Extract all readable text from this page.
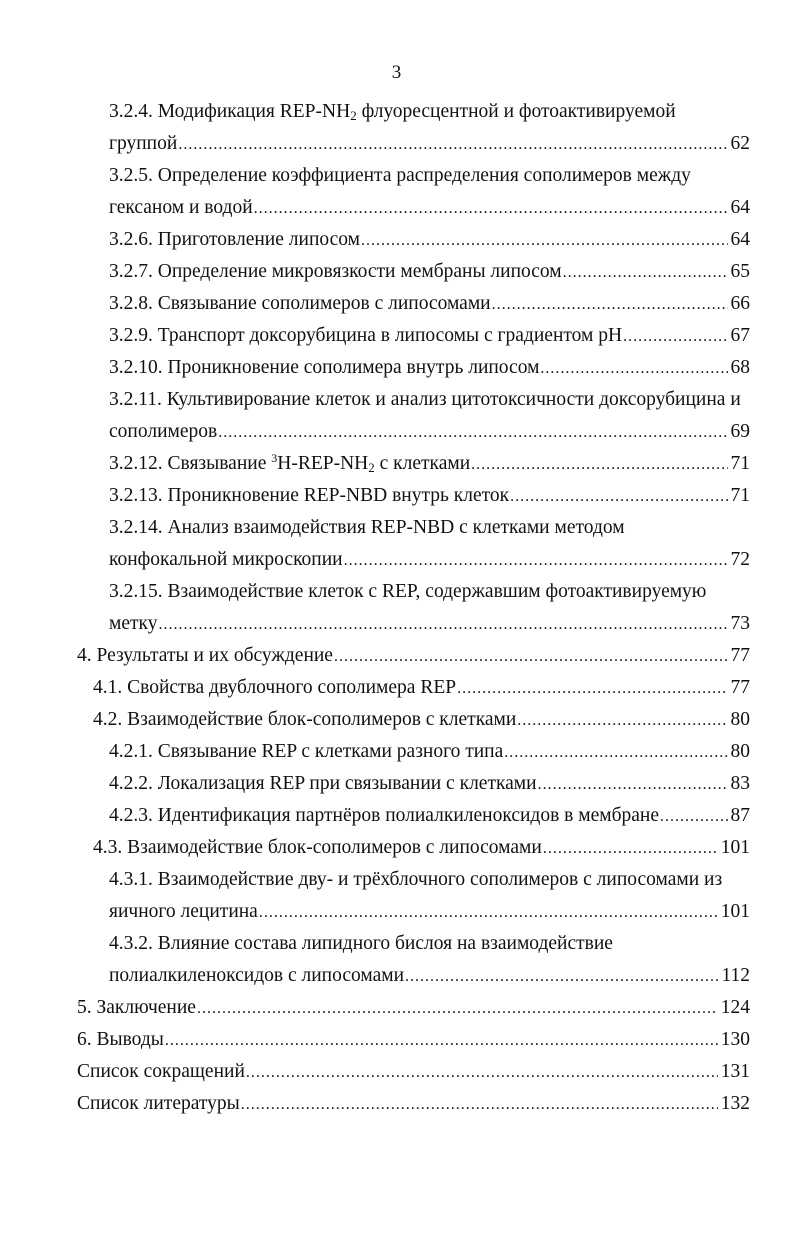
3
3.2.4. Модификация REP-$NH_2$ флуоресцентной и фотоактивируемой
группой .....	62
3.2.5. Определение коэффициента распределения сополимеров между
гексаном и водой .....	64
3.2.6. Приготовление липосом .....	64
3.2.7. Определение микровязкости мембраны липосом .....	65
3.2.8. Связывание сополимеров с липосомами .....	66
3.2.9. Транспорт доксорубицина в липосомы с градиентом pH .....	67
3.2.10. Проникновение сополимера внутрь липосом .....	68
3.2.11. Культивирование клеток и анализ цитотоксичности доксорубицина и
сополимеров .....	69
3.2.12. Связывание $^3H-REP-NH_2$ с клетками .....	71
3.2.13. Проникновение REP-NBD внутрь клеток .....	71
3.2.14. Анализ взаимодействия REP-NBD с клетками методом
конфокальной микроскопии .....	72
3.2.15. Взаимодействие клеток с REP, содержавшим фотоактивируемую
метку .....	73
4. Результаты и их обсуждение .....	77
4.1. Свойства двублочного сополимера REP .....	77
4.2. Взаимодействие блок-сополимеров с клетками .....	80
4.2.1. Связывание REP с клетками разного типа .....	80
4.2.2. Локализация REP при связывании с клетками .....	83
4.2.3. Идентификация партнёров полиалкиленоксидов в мембране .....	87
4.3. Взаимодействие блок-сополимеров с липосомами .....	101
4.3.1. Взаимодействие дву- и трёхблочного сополимеров с липосомами из
яичного лецитина .....	101
4.3.2. Влияние состава липидного бислоя на взаимодействие
полиалкиленоксидов с липосомами .....	112
5. Заключение .....	124
6. Выводы .....	130
Список сокращений .....	131
Список литературы .....	132
